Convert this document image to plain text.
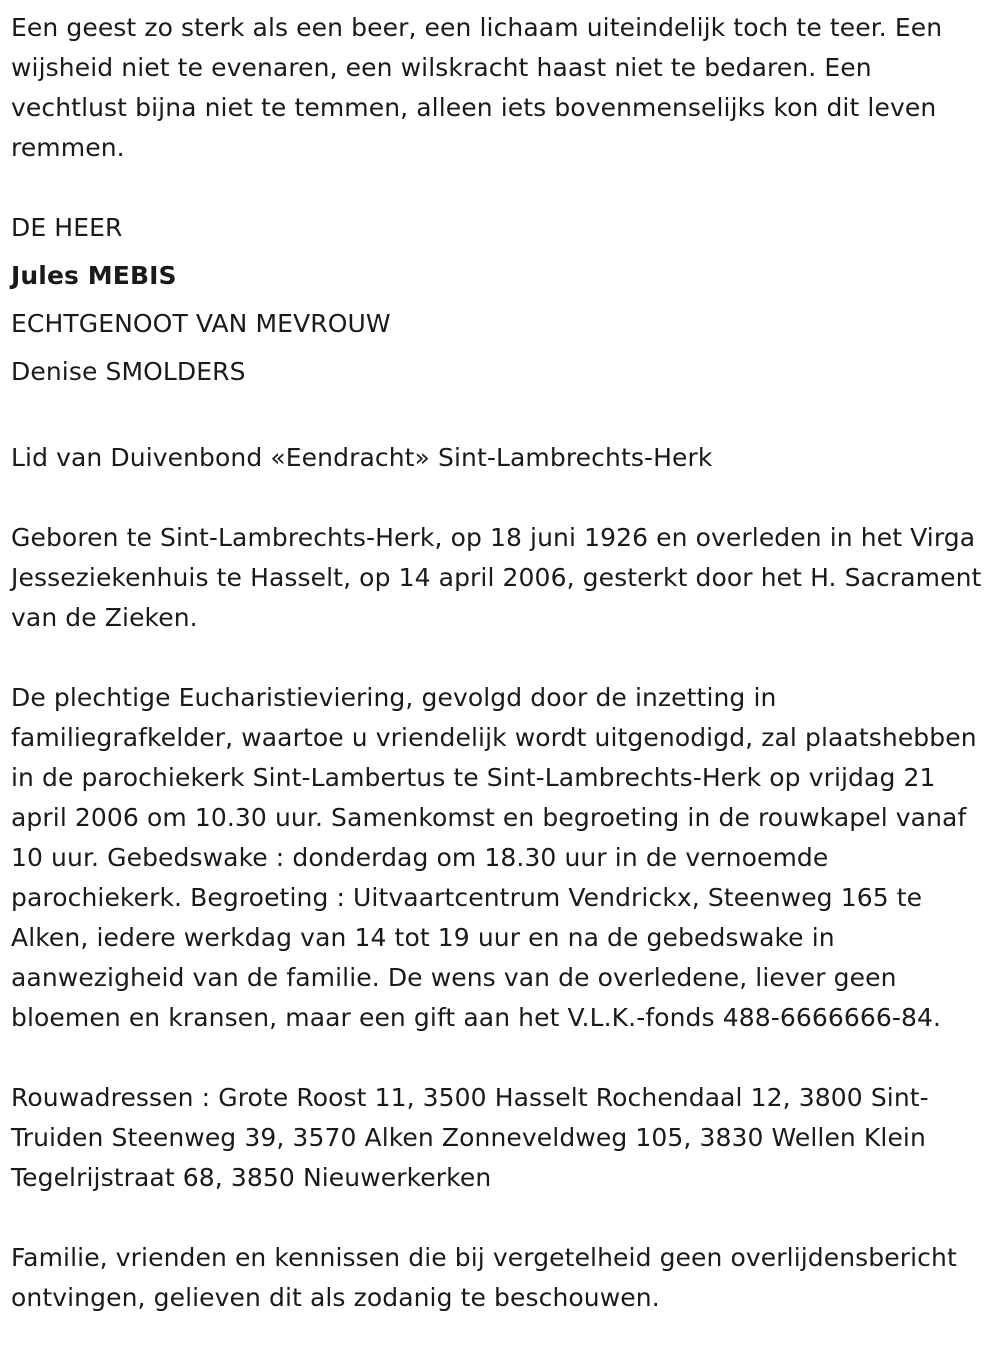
Een geest zo sterk als een beer, een lichaam uiteindelijk toch te teer. Een wijsheid niet te evenaren, een wilskracht haast niet te bedaren. Een vechtlust bijna niet te temmen, alleen iets bovenmenselijks kon dit leven remmen.

DE HEER

Jules MEBIS

ECHTGENOOT VAN MEVROUW

Denise SMOLDERS

Lid van Duivenbond «Eendracht» Sint-Lambrechts-Herk

Geboren te Sint-Lambrechts-Herk, op 18 juni 1926 en overleden in het Virga Jesseziekenhuis te Hasselt, op 14 april 2006, gesterkt door het H. Sacrament van de Zieken.

De plechtige Eucharistieviering, gevolgd door de inzetting in familiegrafkelder, waartoe u vriendelijk wordt uitgenodigd, zal plaatshebben in de parochiekerk Sint-Lambertus te Sint-Lambrechts-Herk op vrijdag 21 april 2006 om 10.30 uur. Samenkomst en begroeting in de rouwkapel vanaf 10 uur. Gebedswake : donderdag om 18.30 uur in de vernoemde parochiekerk. Begroeting : Uitvaartcentrum Vendrickx, Steenweg 165 te Alken, iedere werkdag van 14 tot 19 uur en na de gebedswake in aanwezigheid van de familie. De wens van de overledene, liever geen bloemen en kransen, maar een gift aan het V.L.K.-fonds 488-6666666-84.

Rouwadressen : Grote Roost 11, 3500 Hasselt Rochendaal 12, 3800 Sint-Truiden Steenweg 39, 3570 Alken Zonneveldweg 105, 3830 Wellen Klein Tegelrijstraat 68, 3850 Nieuwerkerken

Familie, vrienden en kennissen die bij vergetelheid geen overlijdensbericht ontvingen, gelieven dit als zodanig te beschouwen.
